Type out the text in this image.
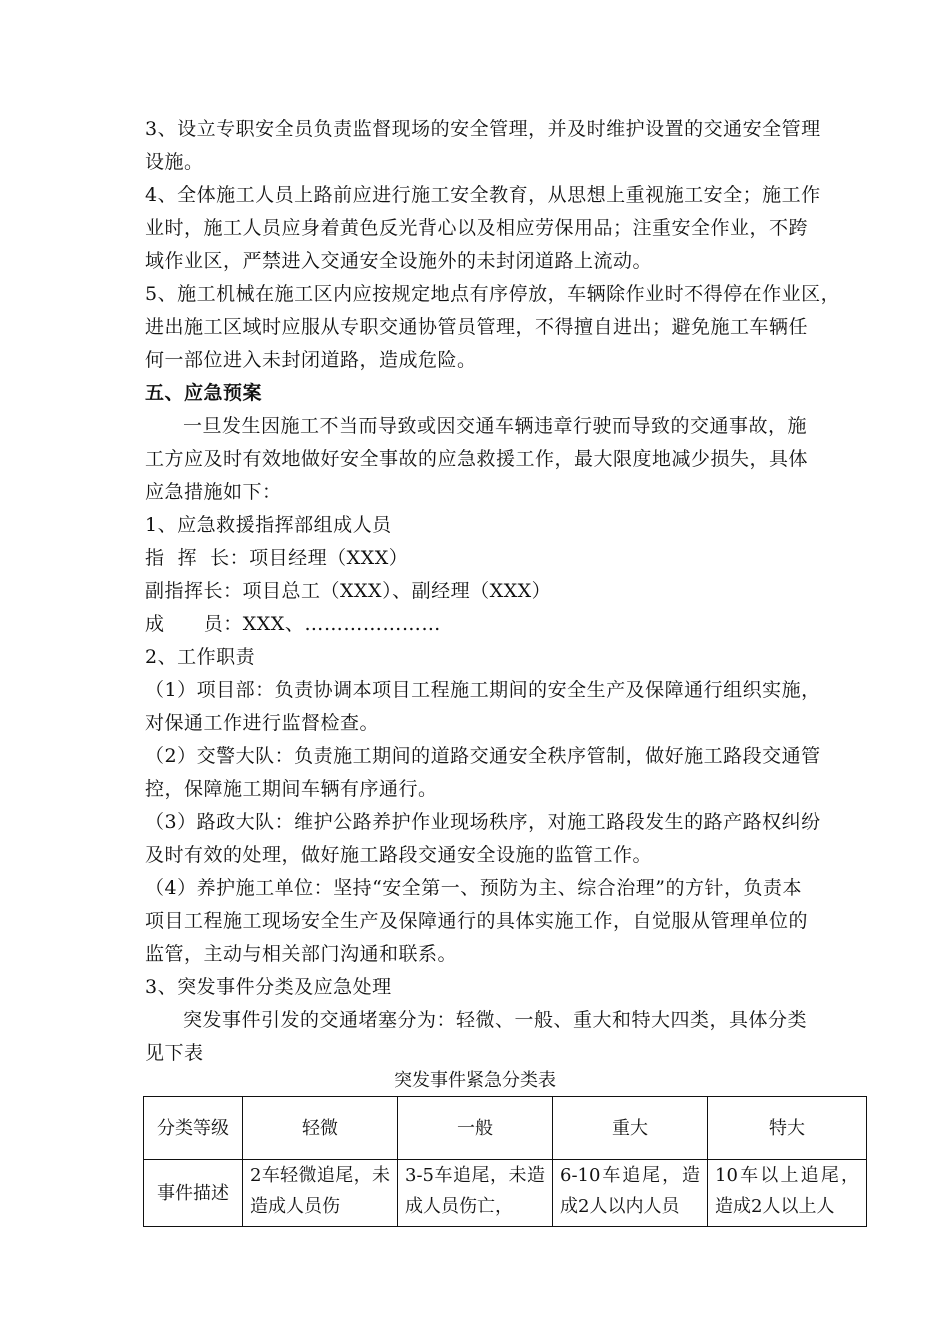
3、设立专职安全员负责监督现场的安全管理，并及时维护设置的交通安全管理
设施。
4、全体施工人员上路前应进行施工安全教育，从思想上重视施工安全；施工作
业时，施工人员应身着黄色反光背心以及相应劳保用品；注重安全作业，不跨
域作业区，严禁进入交通安全设施外的未封闭道路上流动。
5、施工机械在施工区内应按规定地点有序停放，车辆除作业时不得停在作业区，
进出施工区域时应服从专职交通协管员管理，不得擅自进出；避免施工车辆任
何一部位进入未封闭道路，造成危险。
五、应急预案
一旦发生因施工不当而导致或因交通车辆违章行驶而导致的交通事故，施
工方应及时有效地做好安全事故的应急救援工作，最大限度地减少损失，具体
应急措施如下：
1、应急救援指挥部组成人员
指  挥  长：项目经理（XXX）
副指挥长：项目总工（XXX）、副经理（XXX）
成      员：XXX、…………………
2、工作职责
（1）项目部：负责协调本项目工程施工期间的安全生产及保障通行组织实施，
对保通工作进行监督检查。
（2）交警大队：负责施工期间的道路交通安全秩序管制，做好施工路段交通管
控，保障施工期间车辆有序通行。
（3）路政大队：维护公路养护作业现场秩序，对施工路段发生的路产路权纠纷
及时有效的处理，做好施工路段交通安全设施的监管工作。
（4）养护施工单位：坚持“安全第一、预防为主、综合治理”的方针，负责本
项目工程施工现场安全生产及保障通行的具体实施工作，自觉服从管理单位的
监管，主动与相关部门沟通和联系。
3、突发事件分类及应急处理
突发事件引发的交通堵塞分为：轻微、一般、重大和特大四类，具体分类
见下表
突发事件紧急分类表
分类等级	轻微	一般	重大	特大
事件描述	2车轻微追尾，未造成人员伤	3-5车追尾，未造成人员伤亡，	6-10车追尾，造成2人以内人员	10车以上追尾，造成2人以上人
